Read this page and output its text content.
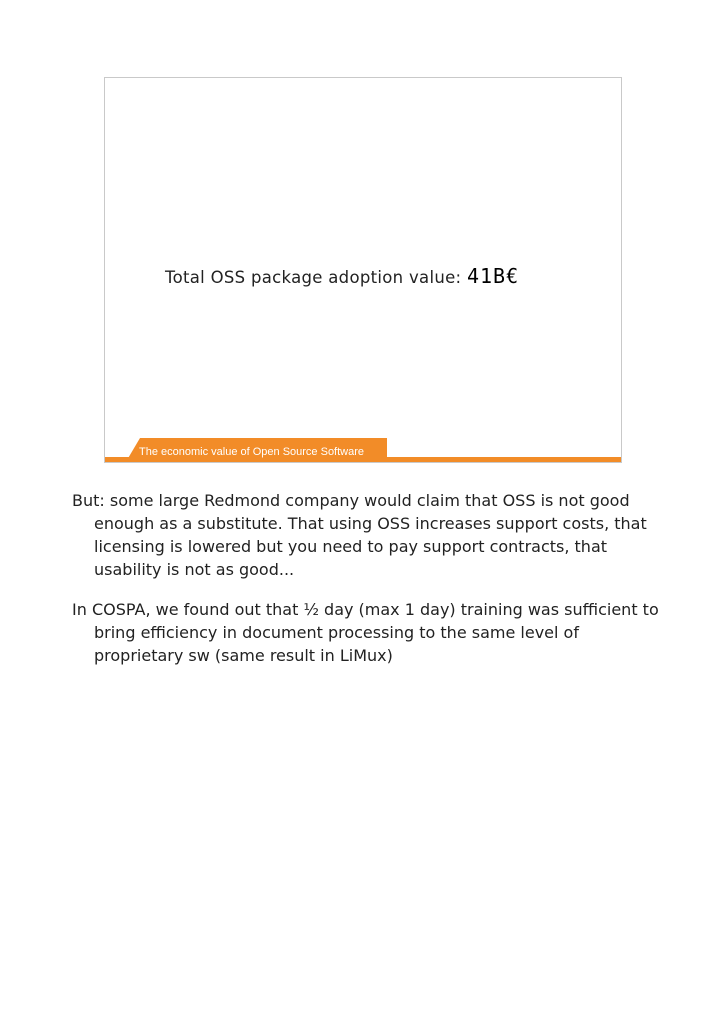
Total OSS package adoption value: 41B€
The economic value of Open Source Software

But: some large Redmond company would claim that OSS is not good enough as a substitute. That using OSS increases support costs, that licensing is lowered but you need to pay support contracts, that usability is not as good...

In COSPA, we found out that ½ day (max 1 day) training was sufficient to bring efficiency in document processing to the same level of proprietary sw (same result in LiMux)
